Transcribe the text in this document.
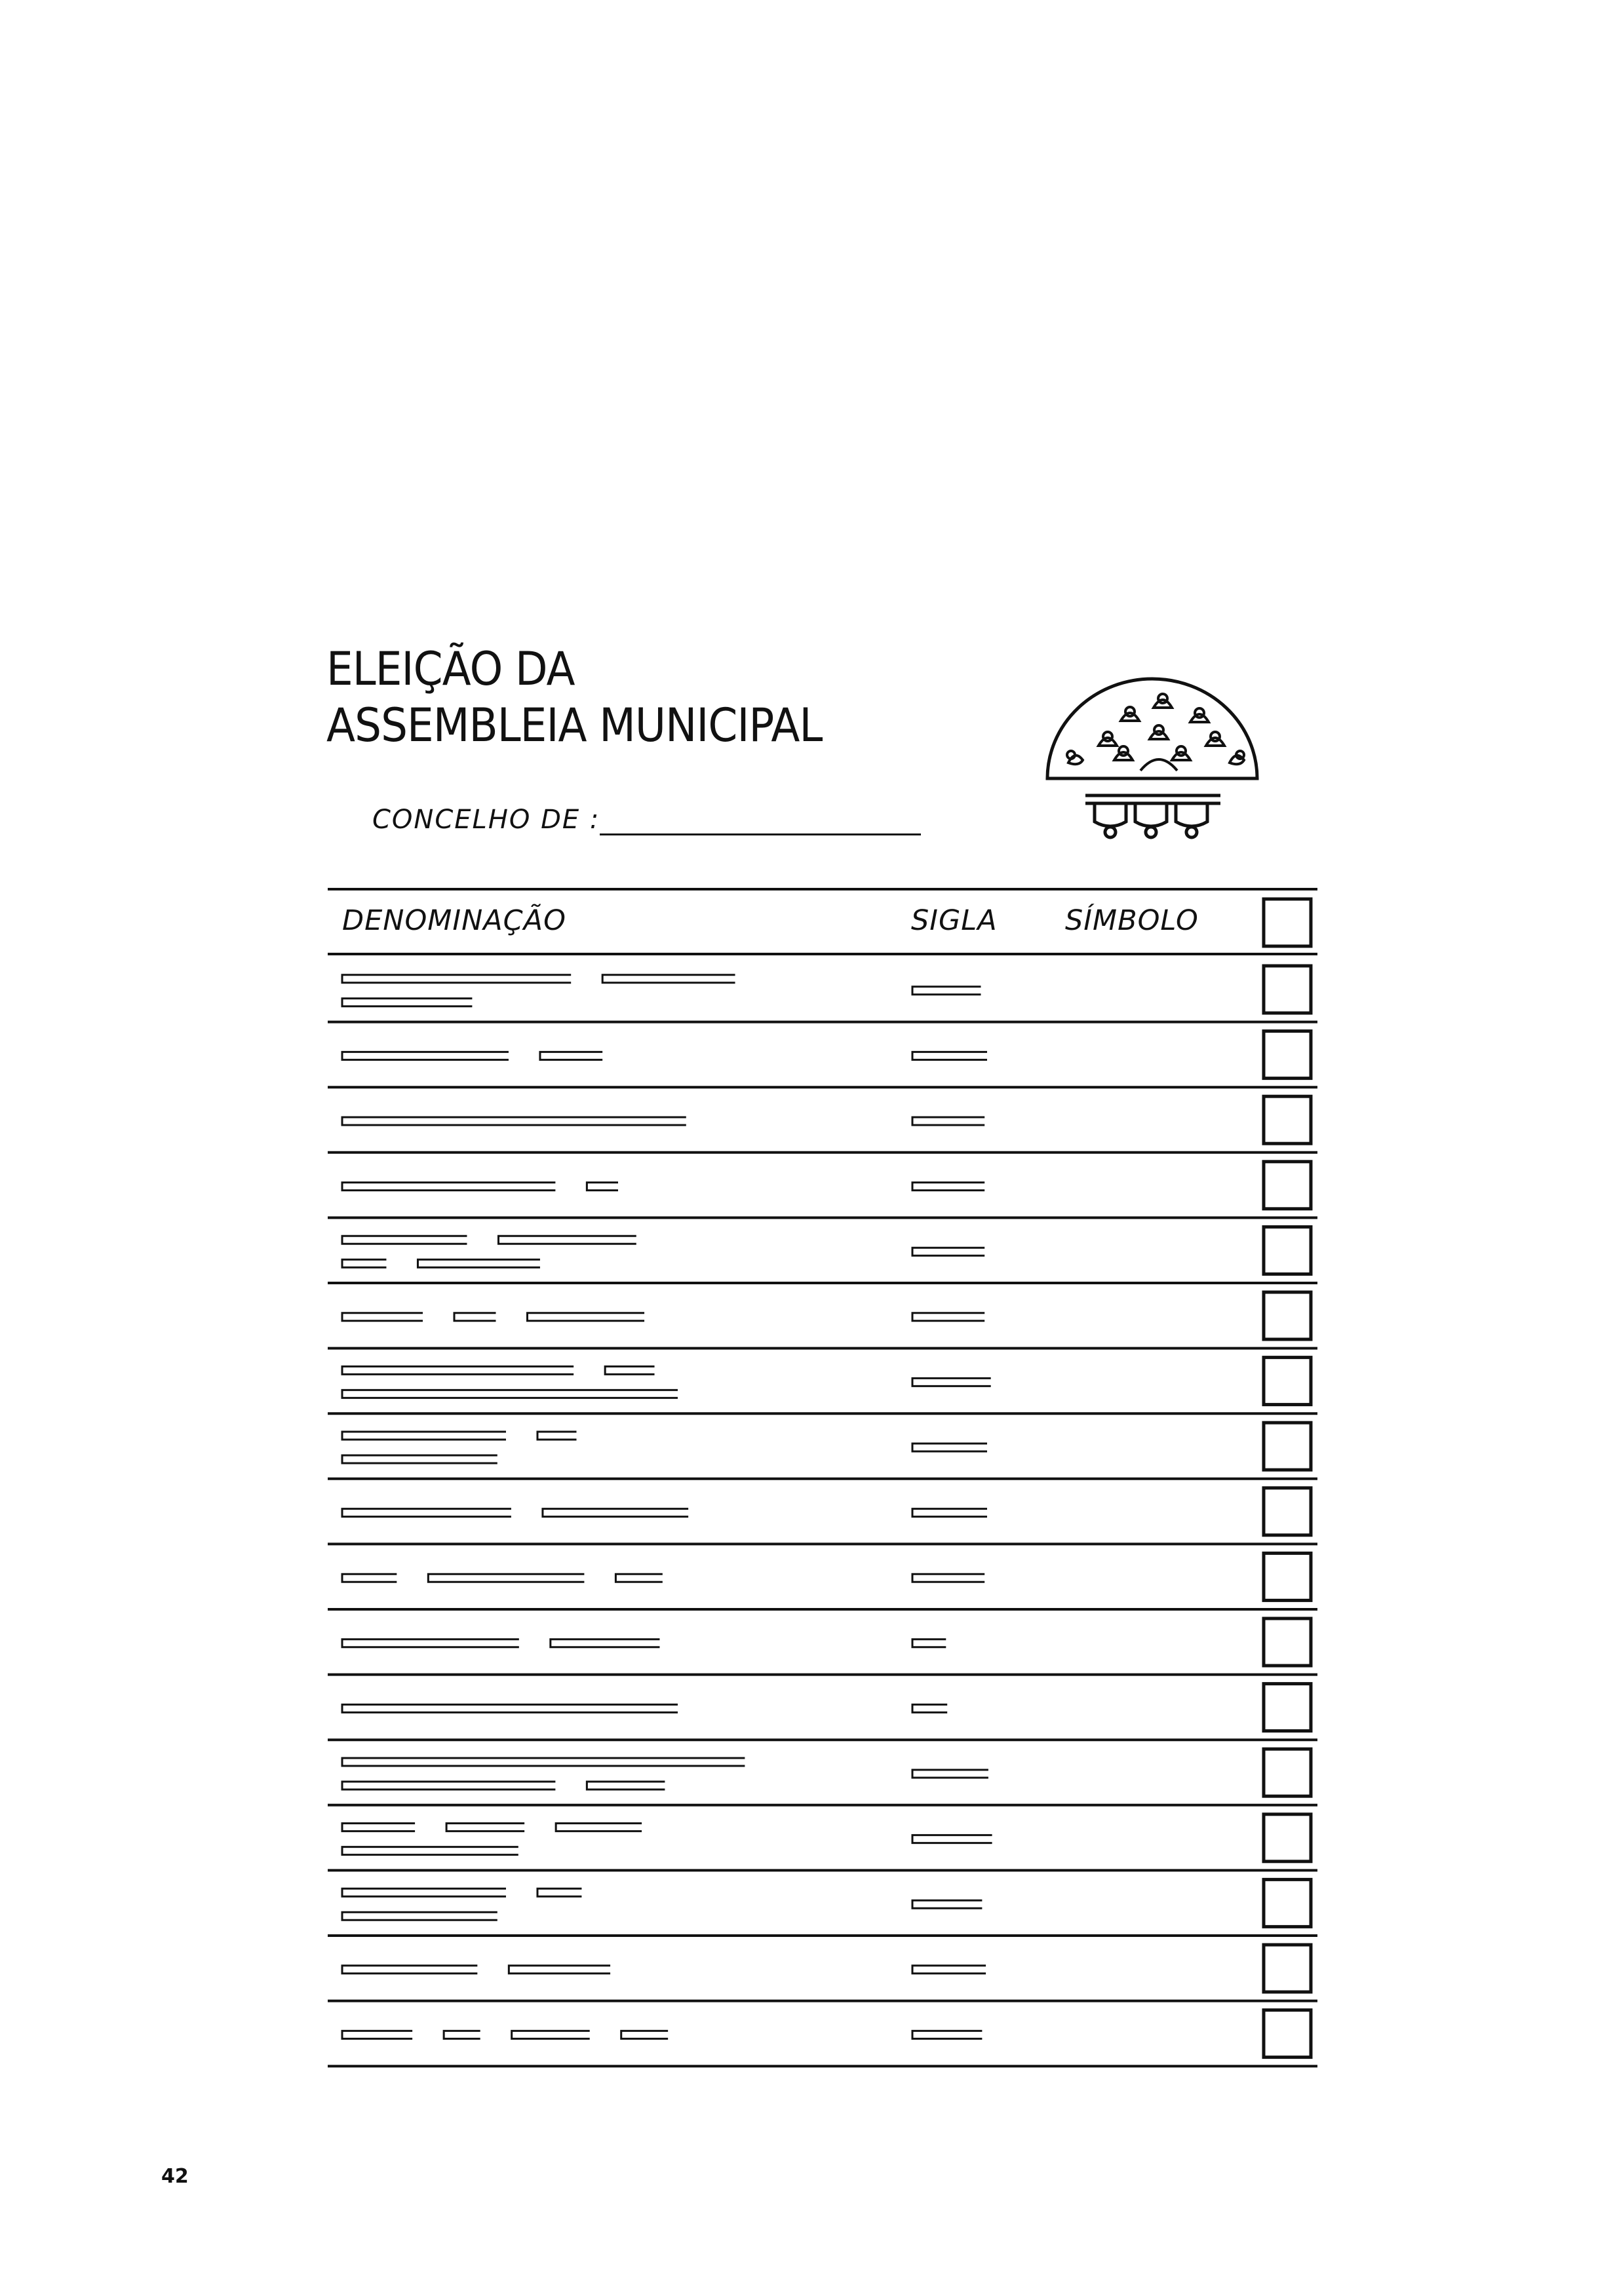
ELEIÇÃO DA
ASSEMBLEIA MUNICIPAL
CONCELHO DE :
DENOMINAÇÃO	SIGLA SÍMBOLO
42
